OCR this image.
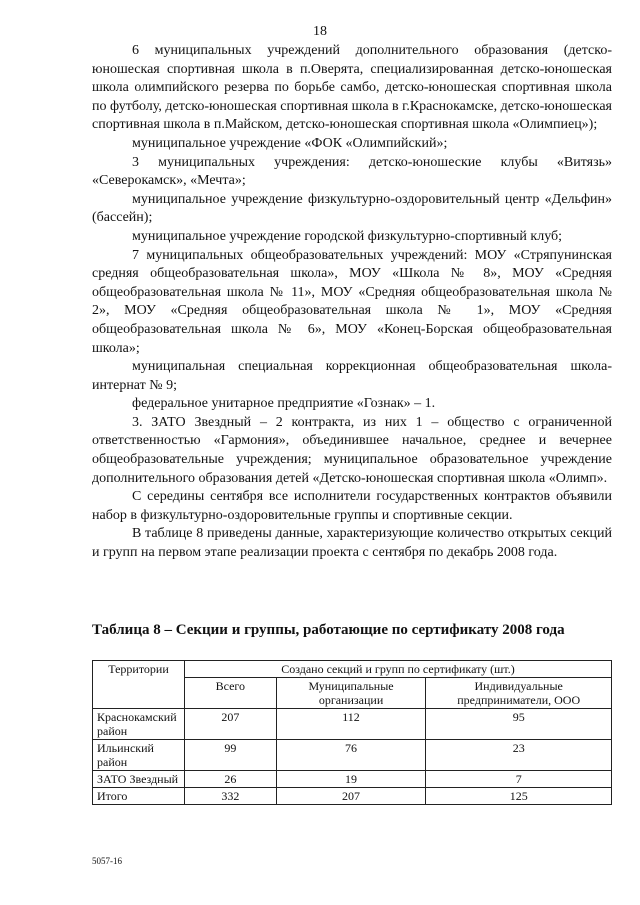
18

6 муниципальных учреждений дополнительного образования (детско-юношеская спортивная школа в п.Оверята, специализированная детско-юношеская школа олимпийского резерва по борьбе самбо, детско-юношеская спортивная школа по футболу, детско-юношеская спортивная школа в г.Краснокамске, детско-юношеская спортивная школа в п.Майском, детско-юношеская спортивная школа «Олимпиец»);

муниципальное учреждение «ФОК «Олимпийский»;

3 муниципальных учреждения: детско-юношеские клубы «Витязь» «Северокамск», «Мечта»;

муниципальное учреждение физкультурно-оздоровительный центр «Дельфин» (бассейн);

муниципальное учреждение городской физкультурно-спортивный клуб;

7 муниципальных общеобразовательных учреждений: МОУ «Стряпунинская средняя общеобразовательная школа», МОУ «Школа № 8», МОУ «Средняя общеобразовательная школа № 11», МОУ «Средняя общеобразовательная школа № 2», МОУ «Средняя общеобразовательная школа № 1», МОУ «Средняя общеобразовательная школа № 6», МОУ «Конец-Борская общеобразовательная школа»;

муниципальная специальная коррекционная общеобразовательная школа-интернат № 9;

федеральное унитарное предприятие «Гознак» – 1.

3. ЗАТО Звездный – 2 контракта, из них 1 – общество с ограниченной ответственностью «Гармония», объединившее начальное, среднее и вечернее общеобразовательные учреждения; муниципальное образовательное учреждение дополнительного образования детей «Детско-юношеская спортивная школа «Олимп».

С середины сентября все исполнители государственных контрактов объявили набор в физкультурно-оздоровительные группы и спортивные секции.

В таблице 8 приведены данные, характеризующие количество открытых секций и групп на первом этапе реализации проекта с сентября по декабрь 2008 года.

Таблица 8 – Секции и группы, работающие по сертификату 2008 года
Территории	Создано секций и групп по сертификату (шт.)		
	Всего	Муниципальные организации	Индивидуальные предприниматели, ООО
Краснокамский район	207	112	95
Ильинский район	99	76	23
ЗАТО Звездный	26	19	7
Итого	332	207	125
5057-16
